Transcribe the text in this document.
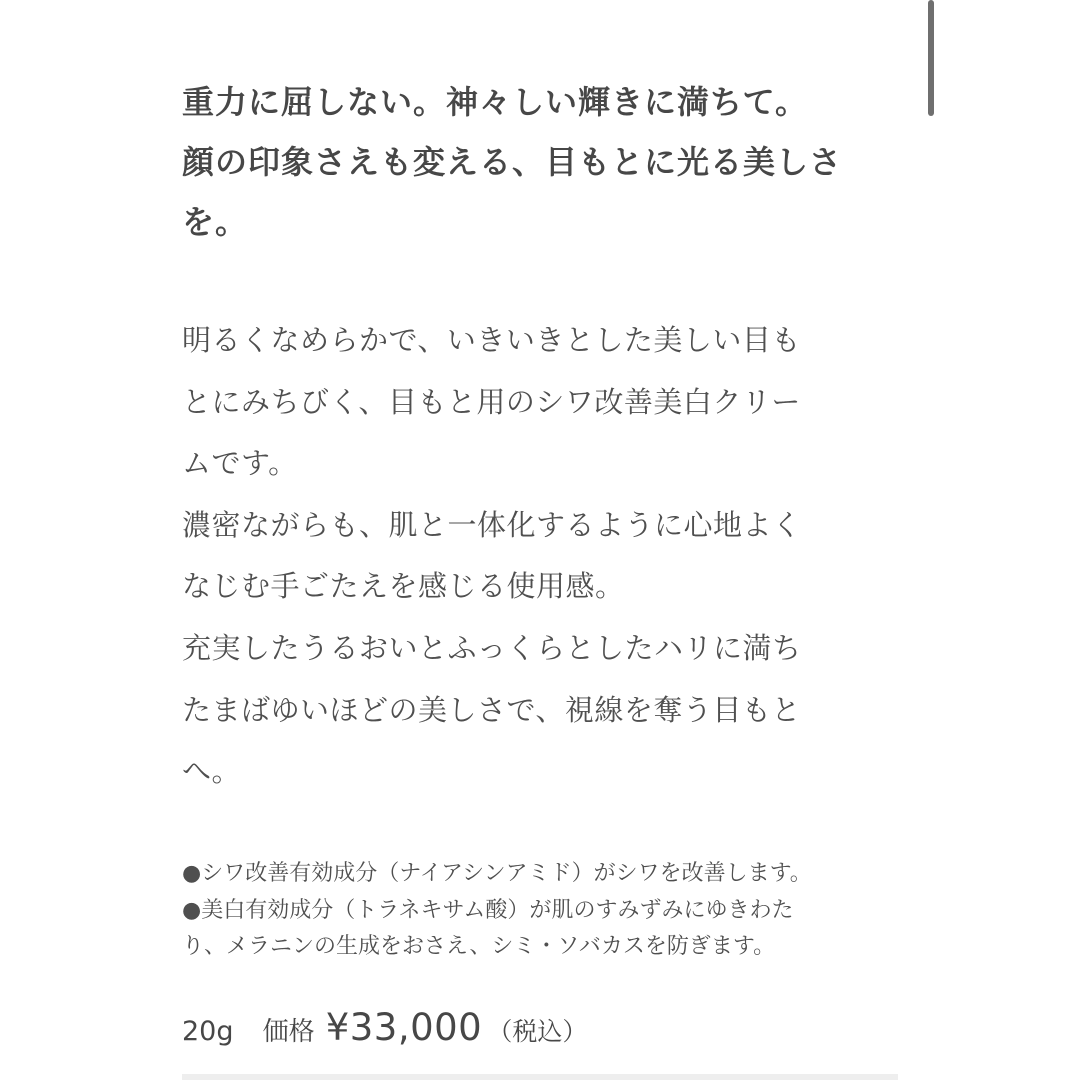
重力に屈しない。神々しい輝きに満ちて。
顔の印象さえも変える、目もとに光る美しさ
を。
明るくなめらかで、いきいきとした美しい目も
とにみちびく、目もと用のシワ改善美白クリー
ムです。
濃密ながらも、肌と一体化するように心地よく
なじむ手ごたえを感じる使用感。
充実したうるおいとふっくらとしたハリに満ち
たまばゆいほどの美しさで、視線を奪う目もと
へ。
●シワ改善有効成分（ナイアシンアミド）がシワを改善します。
●美白有効成分（トラネキサム酸）が肌のすみずみにゆきわた
り、メラニンの生成をおさえ、シミ・ソバカスを防ぎます。
20g 価格 ¥33,000 （税込）
